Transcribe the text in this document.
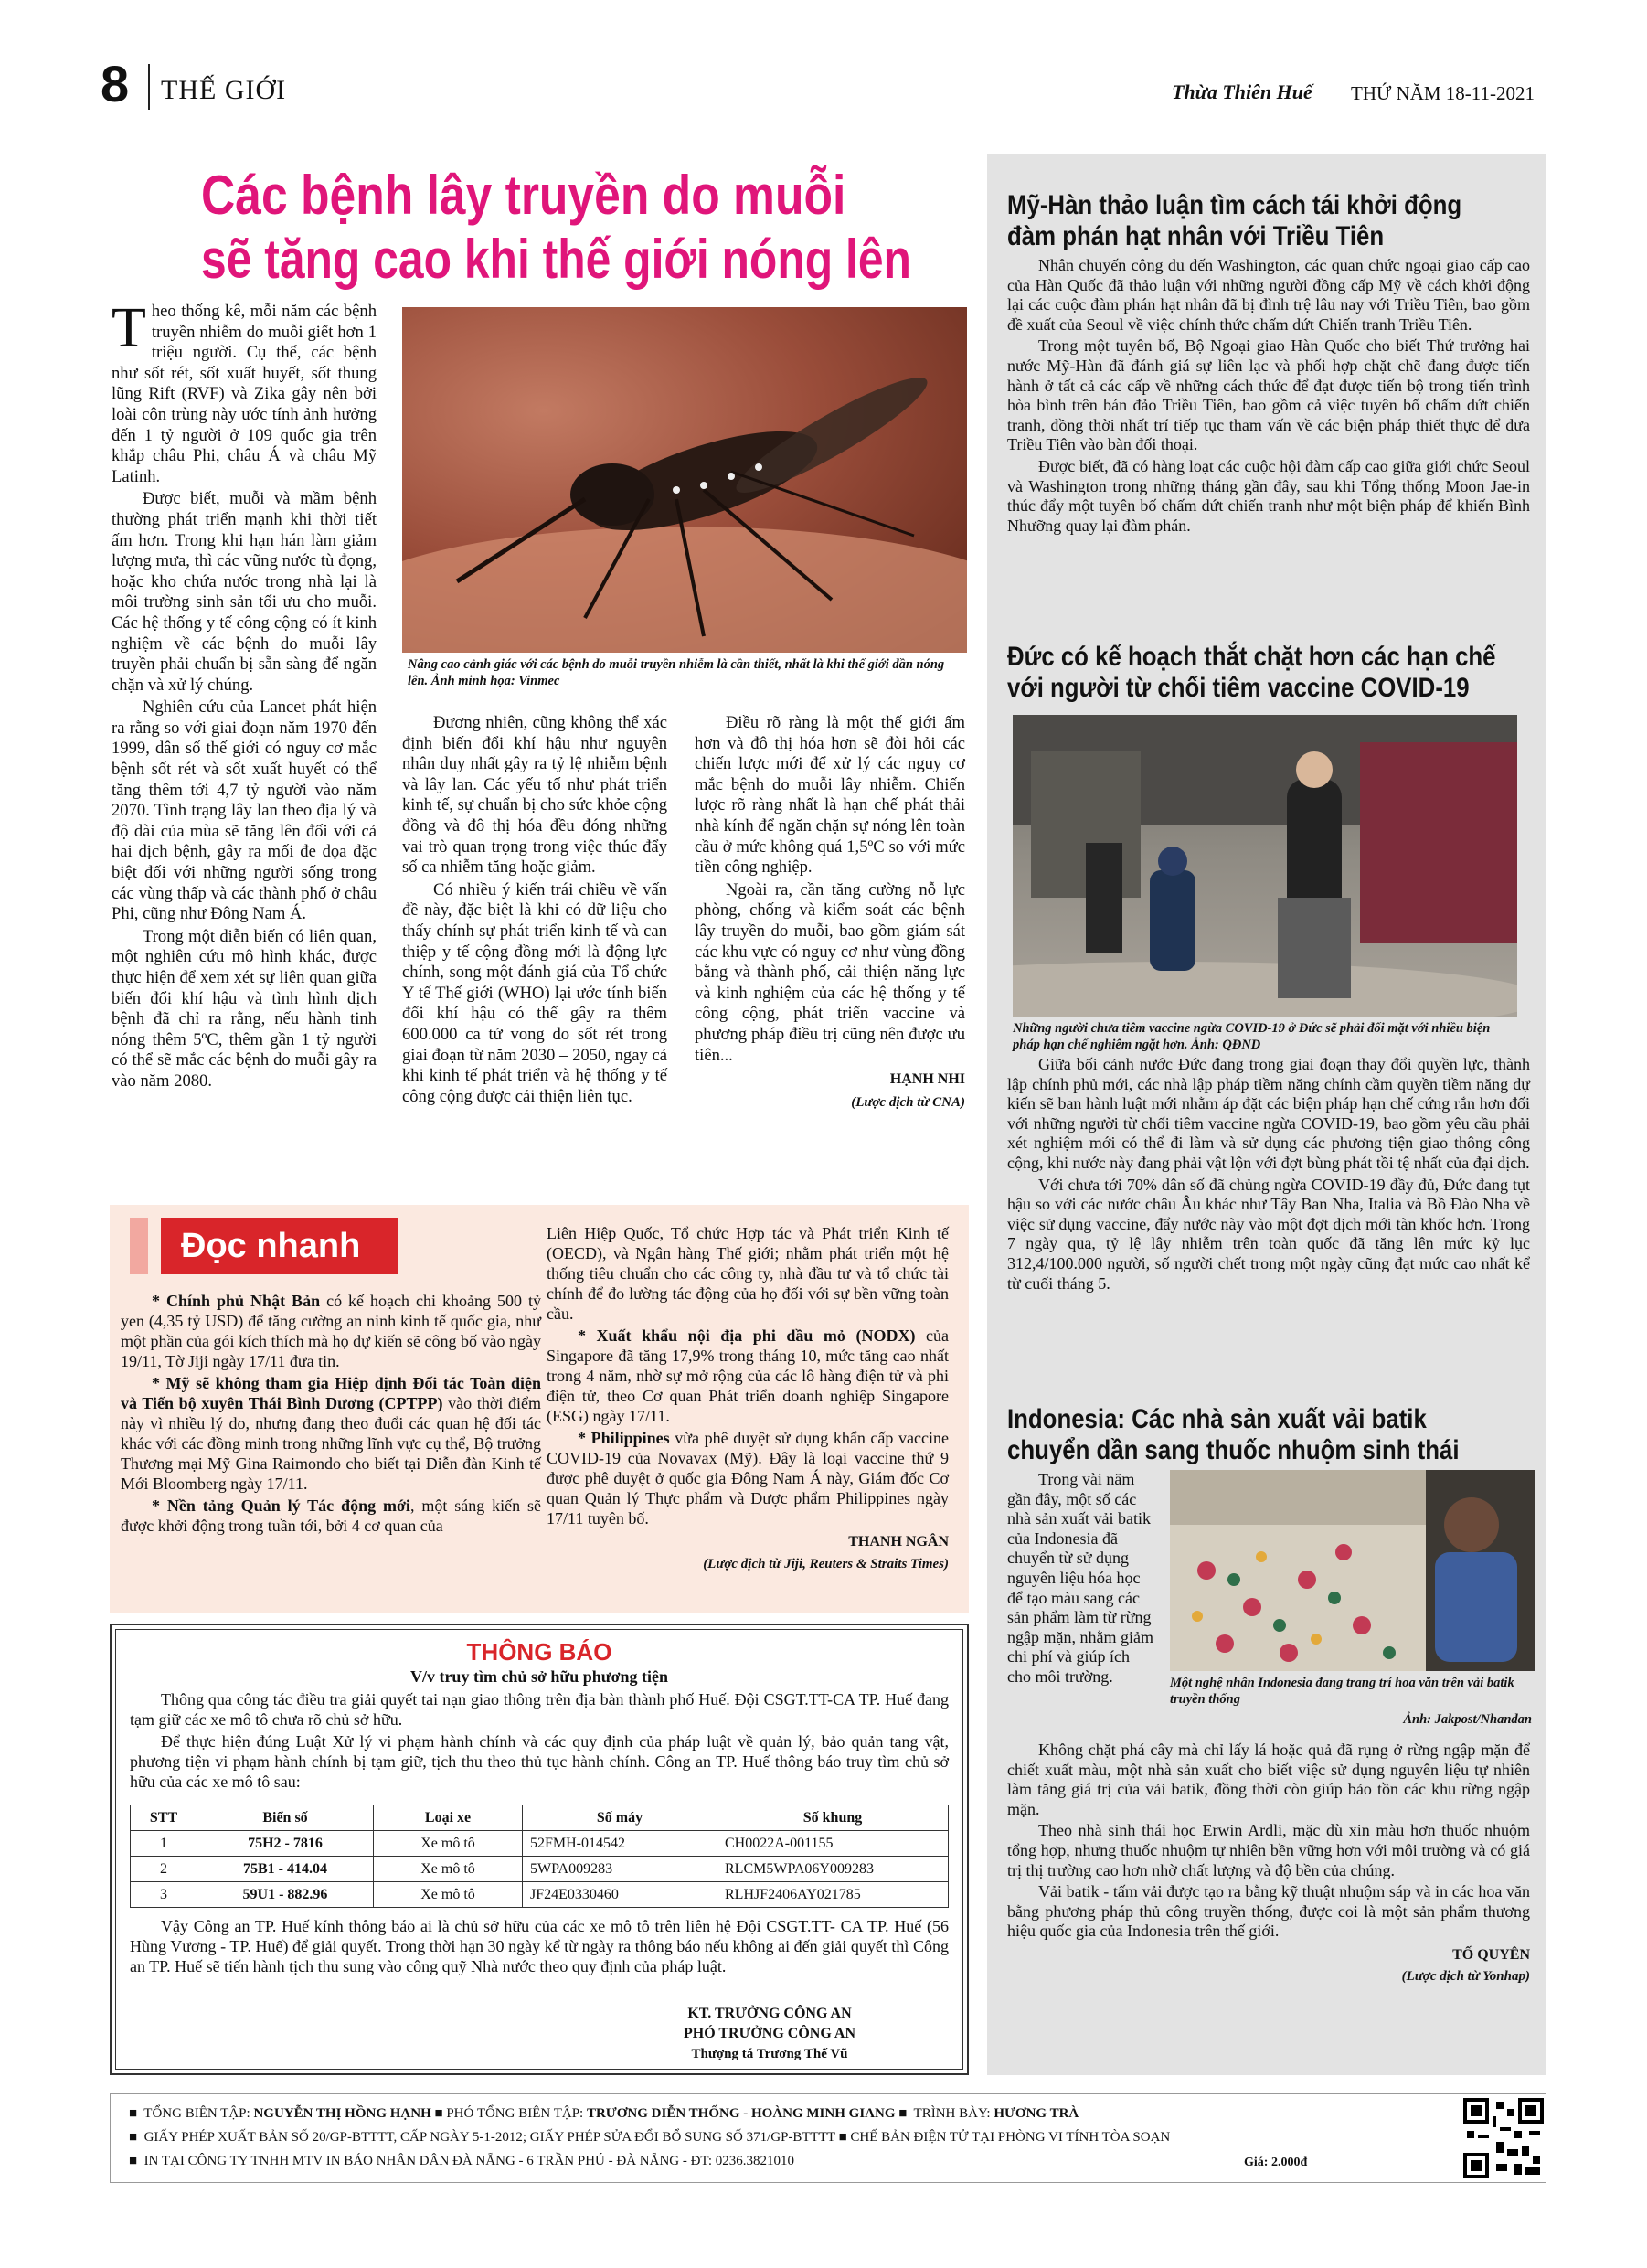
8 THẾ GIỚI	Thừa Thiên Huế THỨ NĂM 18-11-2021
Các bệnh lây truyền do muỗi
sẽ tăng cao khi thế giới nóng lên
Nâng cao cảnh giác với các bệnh do muỗi truyền nhiễm là cần thiết, nhất là khi thế giới dần nóng lên. Ảnh minh họa: Vinmec
T heo thống kê, mỗi năm các bệnh truyền nhiễm do muỗi giết hơn 1 triệu người. Cụ thể, các bệnh như sốt rét, sốt xuất huyết, sốt thung lũng Rift (RVF) và Zika gây nên bởi loài côn trùng này ước tính ảnh hưởng đến 1 tỷ người ở 109 quốc gia trên khắp châu Phi, châu Á và châu Mỹ Latinh.

Được biết, muỗi và mầm bệnh thường phát triển mạnh khi thời tiết ấm hơn. Trong khi hạn hán làm giảm lượng mưa, thì các vũng nước tù đọng, hoặc kho chứa nước trong nhà lại là môi trường sinh sản tối ưu cho muỗi. Các hệ thống y tế công cộng có ít kinh nghiệm về các bệnh do muỗi lây truyền phải chuẩn bị sẵn sàng để ngăn chặn và xử lý chúng.

Nghiên cứu của Lancet phát hiện ra rằng so với giai đoạn năm 1970 đến 1999, dân số thế giới có nguy cơ mắc bệnh sốt rét và sốt xuất huyết có thể tăng thêm tới 4,7 tỷ người vào năm 2070. Tình trạng lây lan theo địa lý và độ dài của mùa sẽ tăng lên đối với cả hai dịch bệnh, gây ra mối đe dọa đặc biệt đối với những người sống trong các vùng thấp và các thành phố ở châu Phi, cũng như Đông Nam Á.

Trong một diễn biến có liên quan, một nghiên cứu mô hình khác, được thực hiện để xem xét sự liên quan giữa biến đổi khí hậu và tình hình dịch bệnh đã chỉ ra rằng, nếu hành tinh nóng thêm 5ºC, thêm gần 1 tỷ người có thể sẽ mắc các bệnh do muỗi gây ra vào năm 2080.

Đương nhiên, cũng không thể xác định biến đổi khí hậu như nguyên nhân duy nhất gây ra tỷ lệ nhiễm bệnh và lây lan. Các yếu tố như phát triển kinh tế, sự chuẩn bị cho sức khỏe cộng đồng và đô thị hóa đều đóng những vai trò quan trọng trong việc thúc đẩy số ca nhiễm tăng hoặc giảm.

Có nhiều ý kiến trái chiều về vấn đề này, đặc biệt là khi có dữ liệu cho thấy chính sự phát triển kinh tế và can thiệp y tế cộng đồng mới là động lực chính, song một đánh giá của Tổ chức Y tế Thế giới (WHO) lại ước tính biến đổi khí hậu có thể gây ra thêm 600.000 ca tử vong do sốt rét trong giai đoạn từ năm 2030 – 2050, ngay cả khi kinh tế phát triển và hệ thống y tế công cộng được cải thiện liên tục.

Điều rõ ràng là một thế giới ấm hơn và đô thị hóa hơn sẽ đòi hỏi các chiến lược mới để xử lý các nguy cơ mắc bệnh do muỗi lây nhiễm. Chiến lược rõ ràng nhất là hạn chế phát thải nhà kính để ngăn chặn sự nóng lên toàn cầu ở mức không quá 1,5ºC so với mức tiền công nghiệp.

Ngoài ra, cần tăng cường nỗ lực phòng, chống và kiểm soát các bệnh lây truyền do muỗi, bao gồm giám sát các khu vực có nguy cơ như vùng đồng bằng và thành phố, cải thiện năng lực và kinh nghiệm của các hệ thống y tế công cộng, phát triển vaccine và phương pháp điều trị cũng nên được ưu tiên...

HẠNH NHI

(Lược dịch từ CNA)

Đọc nhanh

* Chính phủ Nhật Bản có kế hoạch chi khoảng 500 tỷ yen (4,35 tỷ USD) để tăng cường an ninh kinh tế quốc gia, như một phần của gói kích thích mà họ dự kiến sẽ công bố vào ngày 19/11, Tờ Jiji ngày 17/11 đưa tin.

* Mỹ sẽ không tham gia Hiệp định Đối tác Toàn diện và Tiến bộ xuyên Thái Bình Dương (CPTPP) vào thời điểm này vì nhiều lý do, nhưng đang theo đuổi các quan hệ đối tác khác với các đồng minh trong những lĩnh vực cụ thể, Bộ trưởng Thương mại Mỹ Gina Raimondo cho biết tại Diễn đàn Kinh tế Mới Bloomberg ngày 17/11.

* Nền tảng Quản lý Tác động mới, một sáng kiến sẽ được khởi động trong tuần tới, bởi 4 cơ quan của

Liên Hiệp Quốc, Tổ chức Hợp tác và Phát triển Kinh tế (OECD), và Ngân hàng Thế giới; nhằm phát triển một hệ thống tiêu chuẩn cho các công ty, nhà đầu tư và tổ chức tài chính để đo lường tác động của họ đối với sự bền vững toàn cầu.

* Xuất khẩu nội địa phi dầu mỏ (NODX) của Singapore đã tăng 17,9% trong tháng 10, mức tăng cao nhất trong 4 năm, nhờ sự mở rộng của các lô hàng điện tử và phi điện tử, theo Cơ quan Phát triển doanh nghiệp Singapore (ESG) ngày 17/11.

* Philippines vừa phê duyệt sử dụng khẩn cấp vaccine COVID-19 của Novavax (Mỹ). Đây là loại vaccine thứ 9 được phê duyệt ở quốc gia Đông Nam Á này, Giám đốc Cơ quan Quản lý Thực phẩm và Dược phẩm Philippines ngày 17/11 tuyên bố.

THANH NGÂN

(Lược dịch từ Jiji, Reuters & Straits Times)

THÔNG BÁO
V/v truy tìm chủ sở hữu phương tiện

Thông qua công tác điều tra giải quyết tai nạn giao thông trên địa bàn thành phố Huế. Đội CSGT.TT-CA TP. Huế đang tạm giữ các xe mô tô chưa rõ chủ sở hữu.

Để thực hiện đúng Luật Xử lý vi phạm hành chính và các quy định của pháp luật về quản lý, bảo quản tang vật, phương tiện vi phạm hành chính bị tạm giữ, tịch thu theo thủ tục hành chính. Công an TP. Huế thông báo truy tìm chủ sở hữu của các xe mô tô sau:

STT	Biển số	Loại xe	Số máy	Số khung
1	75H2 - 7816	Xe mô tô	52FMH-014542	CH0022A-001155
2	75B1 - 414.04	Xe mô tô	5WPA009283	RLCM5WPA06Y009283
3	59U1 - 882.96	Xe mô tô	JF24E0330460	RLHJF2406AY021785

Vậy Công an TP. Huế kính thông báo ai là chủ sở hữu của các xe mô tô trên liên hệ Đội CSGT.TT- CA TP. Huế (56 Hùng Vương - TP. Huế) để giải quyết. Trong thời hạn 30 ngày kể từ ngày ra thông báo nếu không ai đến giải quyết thì Công an TP. Huế sẽ tiến hành tịch thu sung vào công quỹ Nhà nước theo quy định của pháp luật.

KT. TRƯỞNG CÔNG AN
PHÓ TRƯỞNG CÔNG AN
Thượng tá Trương Thế Vũ
Mỹ-Hàn thảo luận tìm cách tái khởi động
đàm phán hạt nhân với Triều Tiên

Nhân chuyến công du đến Washington, các quan chức ngoại giao cấp cao của Hàn Quốc đã thảo luận với những người đồng cấp Mỹ về cách khởi động lại các cuộc đàm phán hạt nhân đã bị đình trệ lâu nay với Triều Tiên, bao gồm đề xuất của Seoul về việc chính thức chấm dứt Chiến tranh Triều Tiên.

Trong một tuyên bố, Bộ Ngoại giao Hàn Quốc cho biết Thứ trưởng hai nước Mỹ-Hàn đã đánh giá sự liên lạc và phối hợp chặt chẽ đang được tiến hành ở tất cả các cấp về những cách thức để đạt được tiến bộ trong tiến trình hòa bình trên bán đảo Triều Tiên, bao gồm cả việc tuyên bố chấm dứt chiến tranh, đồng thời nhất trí tiếp tục tham vấn về các biện pháp thiết thực để đưa Triều Tiên vào bàn đối thoại.

Được biết, đã có hàng loạt các cuộc hội đàm cấp cao giữa giới chức Seoul và Washington trong những tháng gần đây, sau khi Tổng thống Moon Jae-in thúc đẩy một tuyên bố chấm dứt chiến tranh như một biện pháp để khiến Bình Nhưỡng quay lại đàm phán.

Đức có kế hoạch thắt chặt hơn các hạn chế
với người từ chối tiêm vaccine COVID-19
Những người chưa tiêm vaccine ngừa COVID-19 ở Đức sẽ phải đối mặt với nhiều biện pháp hạn chế nghiêm ngặt hơn. Ảnh: QĐND

Giữa bối cảnh nước Đức đang trong giai đoạn thay đổi quyền lực, thành lập chính phủ mới, các nhà lập pháp tiềm năng chính cầm quyền tiềm năng dự kiến sẽ ban hành luật mới nhằm áp đặt các biện pháp hạn chế cứng rắn hơn đối với những người từ chối tiêm vaccine ngừa COVID-19, bao gồm yêu cầu phải xét nghiệm mới có thể đi làm và sử dụng các phương tiện giao thông công cộng, khi nước này đang phải vật lộn với đợt bùng phát tồi tệ nhất của đại dịch.

Với chưa tới 70% dân số đã chủng ngừa COVID-19 đầy đủ, Đức đang tụt hậu so với các nước châu Âu khác như Tây Ban Nha, Italia và Bồ Đào Nha về việc sử dụng vaccine, đẩy nước này vào một đợt dịch mới tàn khốc hơn. Trong 7 ngày qua, tỷ lệ lây nhiễm trên toàn quốc đã tăng lên mức kỷ lục 312,4/100.000 người, số người chết trong một ngày cũng đạt mức cao nhất kể từ cuối tháng 5.

Indonesia: Các nhà sản xuất vải batik
chuyển dần sang thuốc nhuộm sinh thái

Trong vài năm gần đây, một số các nhà sản xuất vải batik của Indonesia đã chuyển từ sử dụng nguyên liệu hóa học để tạo màu sang các sản phẩm làm từ rừng ngập mặn, nhằm giảm chi phí và giúp ích cho môi trường.	Một nghệ nhân Indonesia đang trang trí hoa văn trên vải batik truyền thống
Ảnh: Jakpost/Nhandan

Không chặt phá cây mà chỉ lấy lá hoặc quả đã rụng ở rừng ngập mặn để chiết xuất màu, một nhà sản xuất cho biết việc sử dụng nguyên liệu tự nhiên làm tăng giá trị của vải batik, đồng thời còn giúp bảo tồn các khu rừng ngập mặn.

Theo nhà sinh thái học Erwin Ardli, mặc dù xin màu hơn thuốc nhuộm tổng hợp, nhưng thuốc nhuộm tự nhiên bền vững hơn với môi trường và có giá trị thị trường cao hơn nhờ chất lượng và độ bền của chúng.

Vải batik - tấm vải được tạo ra bằng kỹ thuật nhuộm sáp và in các hoa văn bằng phương pháp thủ công truyền thống, được coi là một sản phẩm thương hiệu quốc gia của Indonesia trên thế giới.

TỐ QUYÊN

(Lược dịch từ Yonhap)

■ TỔNG BIÊN TẬP: NGUYỄN THỊ HỒNG HẠNH ■ PHÓ TỔNG BIÊN TẬP: TRƯƠNG DIỄN THỐNG - HOÀNG MINH GIANG ■ TRÌNH BÀY: HƯƠNG TRÀ
■ GIẤY PHÉP XUẤT BẢN SỐ 20/GP-BTTTT, CẤP NGÀY 5-1-2012; GIẤY PHÉP SỬA ĐỔI BỔ SUNG SỐ 371/GP-BTTTT ■ CHẾ BẢN ĐIỆN TỬ TẠI PHÒNG VI TÍNH TÒA SOẠN
■ IN TẠI CÔNG TY TNHH MTV IN BÁO NHÂN DÂN ĐÀ NẴNG - 6 TRẦN PHÚ - ĐÀ NẴNG - ĐT: 0236.3821010	Giá: 2.000đ
